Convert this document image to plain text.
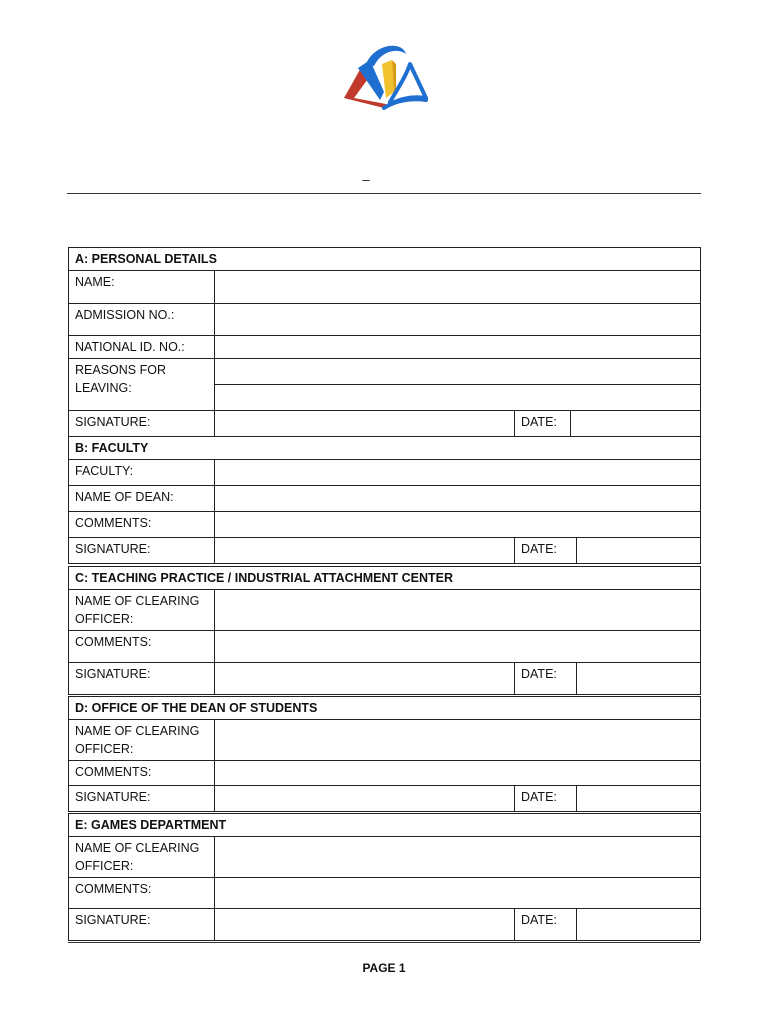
–
A: PERSONAL DETAILS			
NAME:			
ADMISSION NO.:			
NATIONAL ID. NO.:			
REASONS FOR LEAVING:			

SIGNATURE:		DATE:	
B: FACULTY			
FACULTY:			
NAME OF DEAN:			
COMMENTS:			
SIGNATURE:		DATE:	
C: TEACHING PRACTICE / INDUSTRIAL ATTACHMENT CENTER			
NAME OF CLEARING OFFICER:			
COMMENTS:			
SIGNATURE:		DATE:	
D: OFFICE OF THE DEAN OF STUDENTS			
NAME OF CLEARING OFFICER:			
COMMENTS:			
SIGNATURE:		DATE:	
E: GAMES DEPARTMENT			
NAME OF CLEARING OFFICER:			
COMMENTS:			
SIGNATURE:		DATE:	
PAGE 1
